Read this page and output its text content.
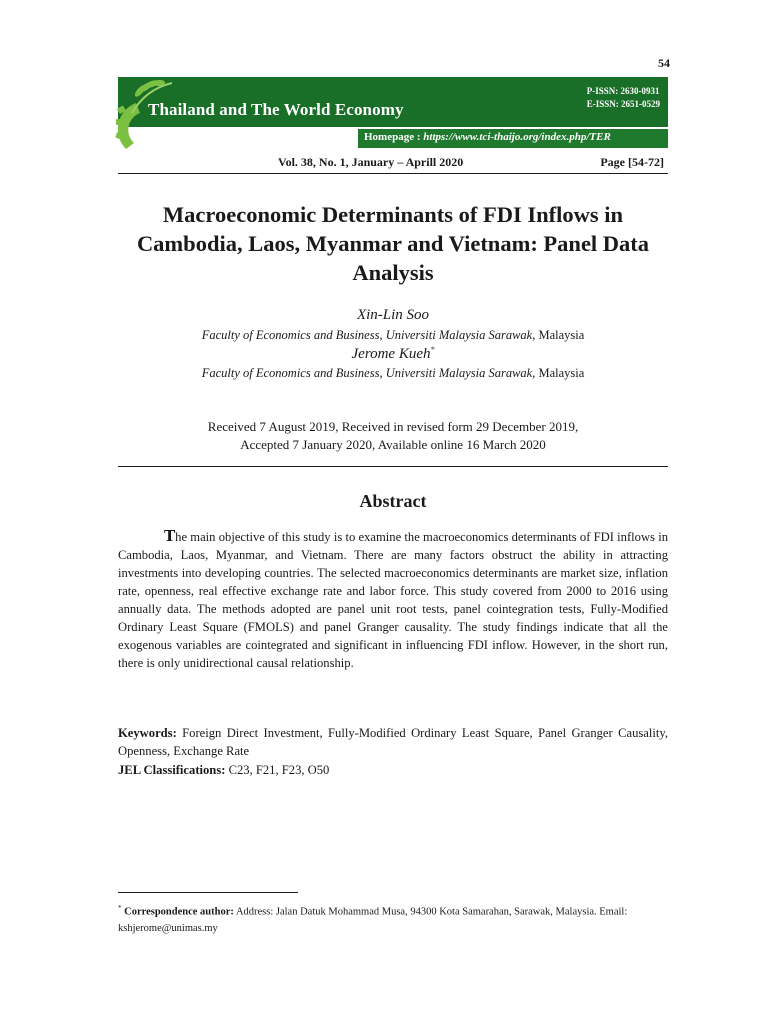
54
Thailand and The World Economy
P-ISSN: 2630-0931
E-ISSN: 2651-0529
Homepage : https://www.tci-thaijo.org/index.php/TER
Vol. 38, No. 1, January – Aprill 2020	Page [54-72]
Macroeconomic Determinants of FDI Inflows in Cambodia, Laos, Myanmar and Vietnam: Panel Data Analysis
Xin-Lin Soo
Faculty of Economics and Business, Universiti Malaysia Sarawak, Malaysia
Jerome Kueh*
Faculty of Economics and Business, Universiti Malaysia Sarawak, Malaysia
Received 7 August 2019, Received in revised form 29 December 2019,
Accepted 7 January 2020, Available online 16 March 2020
Abstract
The main objective of this study is to examine the macroeconomics determinants of FDI inflows in Cambodia, Laos, Myanmar, and Vietnam. There are many factors obstruct the ability in attracting investments into developing countries. The selected macroeconomics determinants are market size, inflation rate, openness, real effective exchange rate and labor force. This study covered from 2000 to 2016 using annually data. The methods adopted are panel unit root tests, panel cointegration tests, Fully-Modified Ordinary Least Square (FMOLS) and panel Granger causality. The study findings indicate that all the exogenous variables are cointegrated and significant in influencing FDI inflow. However, in the short run, there is only unidirectional causal relationship.
Keywords: Foreign Direct Investment, Fully-Modified Ordinary Least Square, Panel Granger Causality, Openness, Exchange Rate
JEL Classifications: C23, F21, F23, O50
* Correspondence author: Address: Jalan Datuk Mohammad Musa, 94300 Kota Samarahan, Sarawak, Malaysia. Email: kshjerome@unimas.my
